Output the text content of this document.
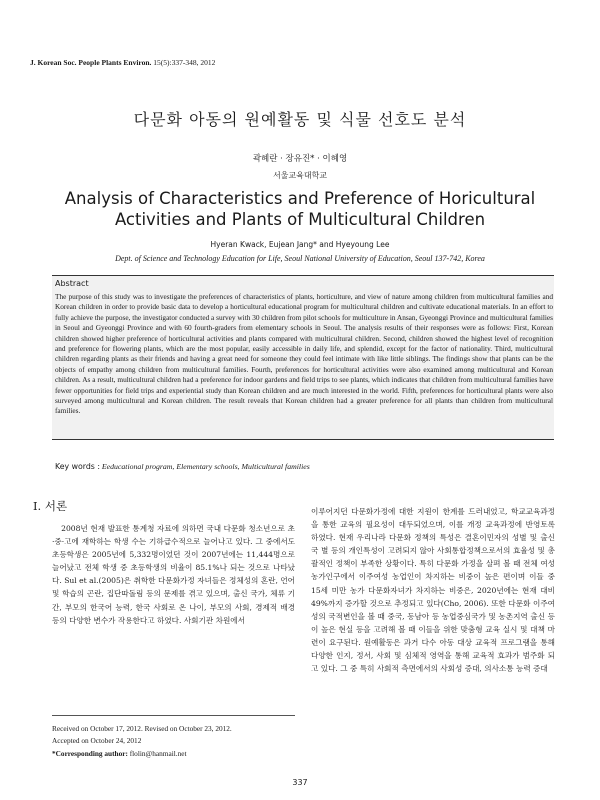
J. Korean Soc. People Plants Environ. 15(5):337-348, 2012
다문화 아동의 원예활동 및 식물 선호도 분석
곽혜란 · 장유진* · 이혜영
서울교육대학교
Analysis of Characteristics and Preference of Horicultural
Activities and Plants of Multicultural Children
Hyeran Kwack, Eujean Jang* and Hyeyoung Lee
Dept. of Science and Technology Education for Life, Seoul National University of Education, Seoul 137-742, Korea
Abstract
The purpose of this study was to investigate the preferences of characteristics of plants, horticulture, and view of nature among children from multicultural families and Korean children in order to provide basic data to develop a horticultural educational program for multicultural children and cultivate educational materials. In an effort to fully achieve the purpose, the investigator conducted a survey with 30 children from pilot schools for multiculture in Ansan, Gyeonggi Province and multicultural families in Seoul and Gyeonggi Province and with 60 fourth-graders from elementary schools in Seoul. The analysis results of their responses were as follows: First, Korean children showed higher preference of horticultural activities and plants compared with multicultural children. Second, children showed the highest level of recognition and preference for flowering plants, which are the most popular, easily accessible in daily life, and splendid, except for the factor of nationality. Third, multicultural children regarding plants as their friends and having a great need for someone they could feel intimate with like little siblings. The findings show that plants can be the objects of empathy among children from multicultural families. Fourth, preferences for horticultural activities were also examined among multicultural and Korean children. As a result, multicultural children had a preference for indoor gardens and field trips to see plants, which indicates that children from multicultural families have fewer opportunities for field trips and experiential study than Korean children and are much interested in the world. Fifth, preferences for horticultural plants were also surveyed among multicultural and Korean children. The result reveals that Korean children had a greater preference for all plants than children from multicultural families.
Key words : Eeducational program, Elementary schools, Multicultural families
Ⅰ. 서론

2008년 현재 발표한 통계청 자료에 의하면 국내 다문화 청소년으로 초·중·고에 재학하는 학생 수는 기하급수적으로 늘어나고 있다. 그 중에서도 초등학생은 2005년에 5,332명이었던 것이 2007년에는 11,444명으로 늘어났고 전체 학생 중 초등학생의 비율이 85.1%나 되는 것으로 나타났다. Sul et al.(2005)은 취학한 다문화가정 자녀들은 정체성의 혼란, 언어 및 학습의 곤란, 집단따돌림 등의 문제를 겪고 있으며, 출신 국가, 체류 기간, 부모의 한국어 능력, 한국 사회로 온 나이, 부모의 사회, 경제적 배경 등의 다양한 변수가 작용한다고 하였다. 사회기관 차원에서

이루어지던 다문화가정에 대한 지원이 한계를 드러내었고, 학교교육과정을 통한 교육의 필요성이 대두되었으며, 이를 개정 교육과정에 반영토록 하였다. 현재 우리나라 다문화 정책의 특성은 결혼이민자의 성별 및 출신국 별 등의 개인특성이 고려되지 않아 사회통합정책으로서의 효율성 및 총괄적인 정책이 부족한 상황이다. 특히 다문화 가정을 살펴 볼 때 전체 여성 농가인구에서 이주여성 농업인이 차지하는 비중이 높은 편이며 이들 중 15세 미만 농가 다문화자녀가 차지하는 비중은, 2020년에는 현재 대비 49%까지 증가할 것으로 추정되고 있다(Cho, 2006). 또한 다문화 이주여성의 국적변인을 볼 때 중국, 동남아 등 농업중심국가 및 농촌지역 출신 등이 높은 현실 등을 고려해 볼 때 이들을 위한 맞춤형 교육 실시 및 대책 마련이 요구된다. 원예활동은 과거 다수 아동 대상 교육적 프로그램을 통해 다양한 인지, 정서, 사회 및 심체적 영역을 통해 교육적 효과가 범주화 되고 있다. 그 중 특히 사회적 측면에서의 사회성 증대, 의사소통 능력 증대

Received on October 17, 2012. Revised on October 23, 2012.
Accepted on October 24, 2012
*Corresponding author: flolin@hanmail.net
337
